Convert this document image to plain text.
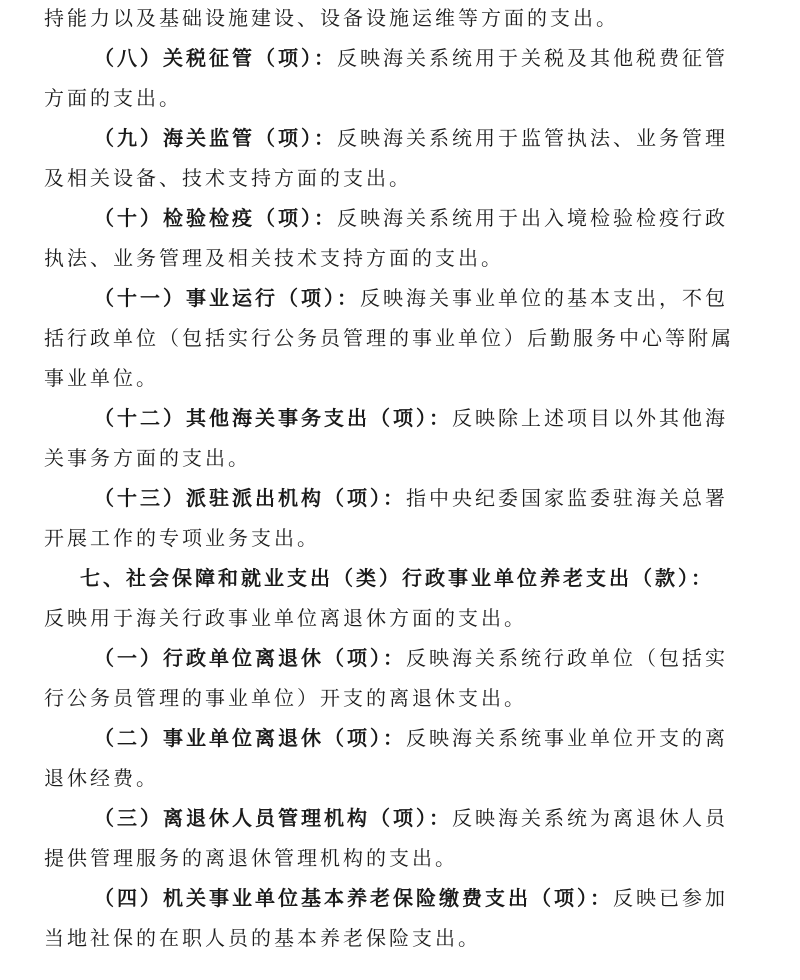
持能力以及基础设施建设、设备设施运维等方面的支出。
（八）关税征管（项）：反映海关系统用于关税及其他税费征管
方面的支出。
（九）海关监管（项）：反映海关系统用于监管执法、业务管理
及相关设备、技术支持方面的支出。
（十）检验检疫（项）：反映海关系统用于出入境检验检疫行政
执法、业务管理及相关技术支持方面的支出。
（十一）事业运行（项）：反映海关事业单位的基本支出，不包
括行政单位（包括实行公务员管理的事业单位）后勤服务中心等附属
事业单位。
（十二）其他海关事务支出（项）：反映除上述项目以外其他海
关事务方面的支出。
（十三）派驻派出机构（项）：指中央纪委国家监委驻海关总署
开展工作的专项业务支出。
七、社会保障和就业支出（类）行政事业单位养老支出（款）：
反映用于海关行政事业单位离退休方面的支出。
（一）行政单位离退休（项）：反映海关系统行政单位（包括实
行公务员管理的事业单位）开支的离退休支出。
（二）事业单位离退休（项）：反映海关系统事业单位开支的离
退休经费。
（三）离退休人员管理机构（项）：反映海关系统为离退休人员
提供管理服务的离退休管理机构的支出。
（四）机关事业单位基本养老保险缴费支出（项）：反映已参加
当地社保的在职人员的基本养老保险支出。
